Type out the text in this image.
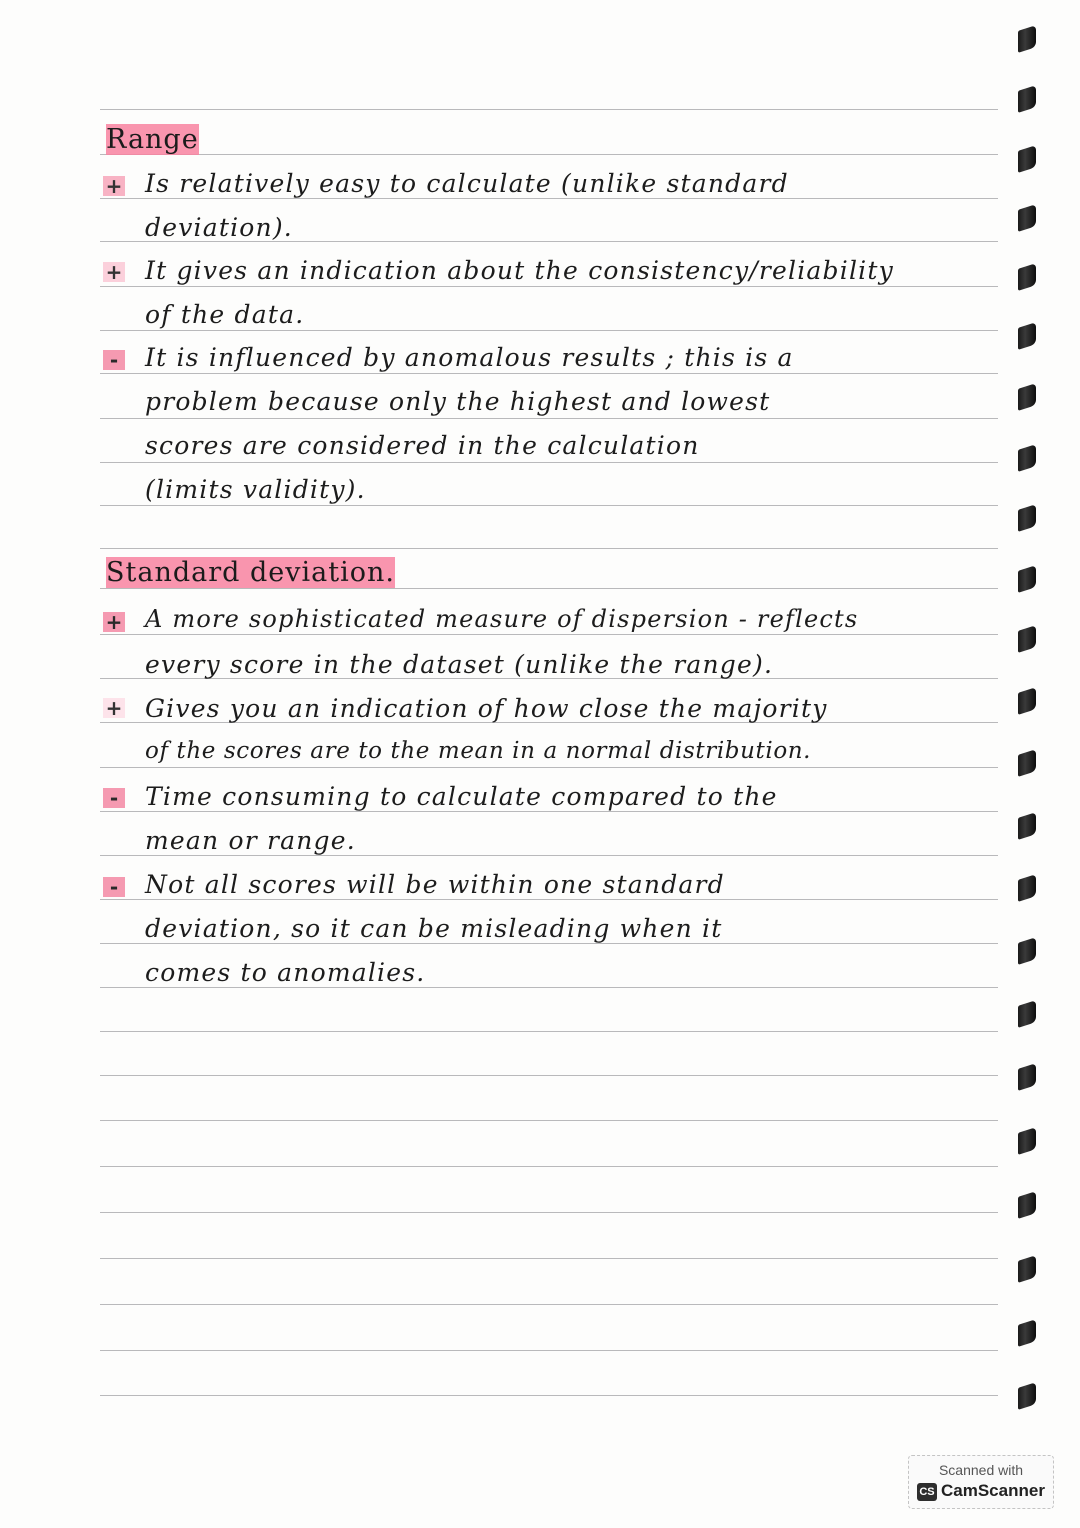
Range
+ Is relatively easy to calculate (unlike standard
deviation).
+ It gives an indication about the consistency/reliability
of the data.
- It is influenced by anomalous results ; this is a
problem because only the highest and lowest
scores are considered in the calculation
(limits validity).
Standard deviation.
+ A more sophisticated measure of dispersion - reflects
every score in the dataset (unlike the range).
+ Gives you an indication of how close the majority
of the scores are to the mean in a normal distribution.
- Time consuming to calculate compared to the
mean or range.
- Not all scores will be within one standard
deviation, so it can be misleading when it
comes to anomalies.
Scanned with
CS CamScanner
